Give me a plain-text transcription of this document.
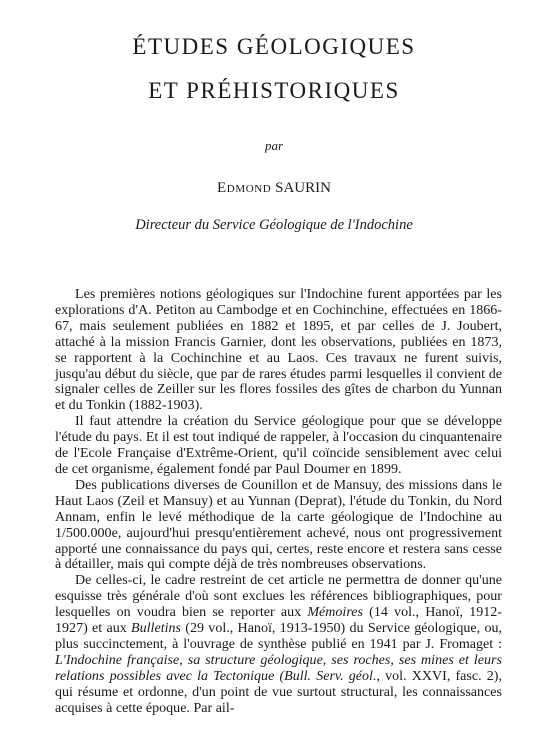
ÉTUDES GÉOLOGIQUES
ET PRÉHISTORIQUES
par
Edmond SAURIN
Directeur du Service Géologique de l'Indochine

Les premières notions géologiques sur l'Indochine furent apportées par les explorations d'A. Petiton au Cambodge et en Cochinchine, effectuées en 1866-67, mais seulement publiées en 1882 et 1895, et par celles de J. Joubert, attaché à la mission Francis Garnier, dont les observations, publiées en 1873, se rapportent à la Cochinchine et au Laos. Ces travaux ne furent suivis, jusqu'au début du siècle, que par de rares études parmi lesquelles il convient de signaler celles de Zeiller sur les flores fossiles des gîtes de charbon du Yunnan et du Tonkin (1882-1903).

Il faut attendre la création du Service géologique pour que se développe l'étude du pays. Et il est tout indiqué de rappeler, à l'occasion du cinquantenaire de l'Ecole Française d'Extrême-Orient, qu'il coïncide sensiblement avec celui de cet organisme, également fondé par Paul Doumer en 1899.

Des publications diverses de Counillon et de Mansuy, des missions dans le Haut Laos (Zeil et Mansuy) et au Yunnan (Deprat), l'étude du Tonkin, du Nord Annam, enfin le levé méthodique de la carte géologique de l'Indochine au 1/500.000e, aujourd'hui presqu'entièrement achevé, nous ont progressivement apporté une connaissance du pays qui, certes, reste encore et restera sans cesse à détailler, mais qui compte déjà de très nombreuses observations.

De celles-ci, le cadre restreint de cet article ne permettra de donner qu'une esquisse très générale d'où sont exclues les références bibliographiques, pour lesquelles on voudra bien se reporter aux Mémoires (14 vol., Hanoï, 1912-1927) et aux Bulletins (29 vol., Hanoï, 1913-1950) du Service géologique, ou, plus succinctement, à l'ouvrage de synthèse publié en 1941 par J. Fromaget : L'Indochine française, sa structure géologique, ses roches, ses mines et leurs relations possibles avec la Tectonique (Bull. Serv. géol., vol. XXVI, fasc. 2), qui résume et ordonne, d'un point de vue surtout structural, les connaissances acquises à cette époque. Par ail-
